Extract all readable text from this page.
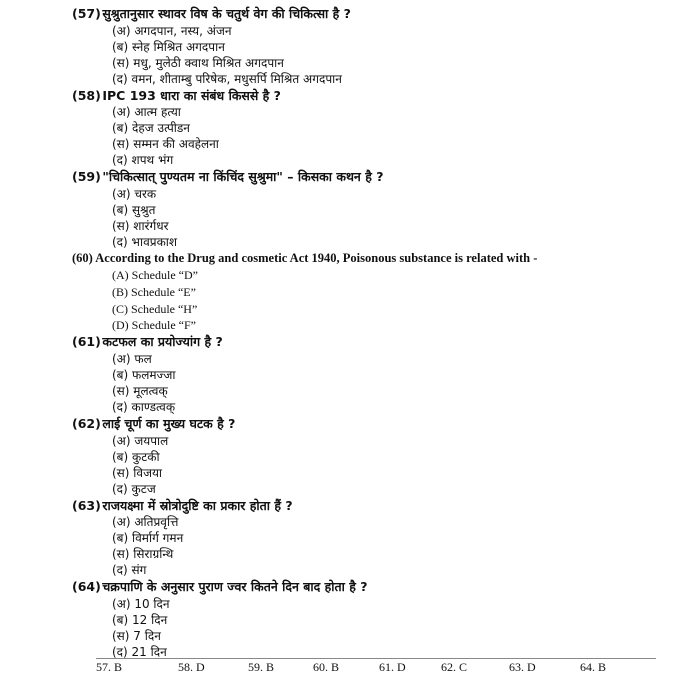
(57) सुश्रुतानुसार स्थावर विष के चतुर्थ वेग की चिकित्सा है ?
(अ) अगदपान, नस्य, अंजन
(ब) स्नेह मिश्रित अगदपान
(स) मधु, मुलेठी क्वाथ मिश्रित अगदपान
(द) वमन, शीताम्बु परिषेक, मधुसर्पि मिश्रित अगदपान
(58) IPC 193 धारा का संबंध किससे है ?
(अ) आत्म हत्या
(ब) देहज उत्पीडन
(स) सम्मन की अवहेलना
(द) शपथ भंग
(59) "चिकित्सात् पुण्यतम ना किंचिंद सुश्रुमा" – किसका कथन है ?
(अ) चरक
(ब) सुश्रुत
(स) शारंर्गधर
(द) भावप्रकाश
(60) According to the Drug and cosmetic Act 1940, Poisonous substance is related with -
(A) Schedule “D”
(B) Schedule “E”
(C) Schedule “H”
(D) Schedule “F”
(61) कटफल का प्रयोज्यांग है ?
(अ) फल
(ब) फलमज्जा
(स) मूलत्वक्
(द) काण्डत्वक्
(62) लाई चूर्ण का मुख्य घटक है ?
(अ) जयपाल
(ब) कुटकी
(स) विजया
(द) कुटज
(63) राजयक्ष्मा में स्रोत्रोदुष्टि का प्रकार होता हैं ?
(अ) अतिप्रवृत्ति
(ब) विर्मार्ग गमन
(स) सिराग्रन्थि
(द) संग
(64) चक्रपाणि के अनुसार पुराण ज्वर कितने दिन बाद होता है ?
(अ) 10 दिन
(ब) 12 दिन
(स) 7 दिन
(द) 21 दिन
57. B	58. D	59. B	60. B	61. D	62. C	63. D	64. B
